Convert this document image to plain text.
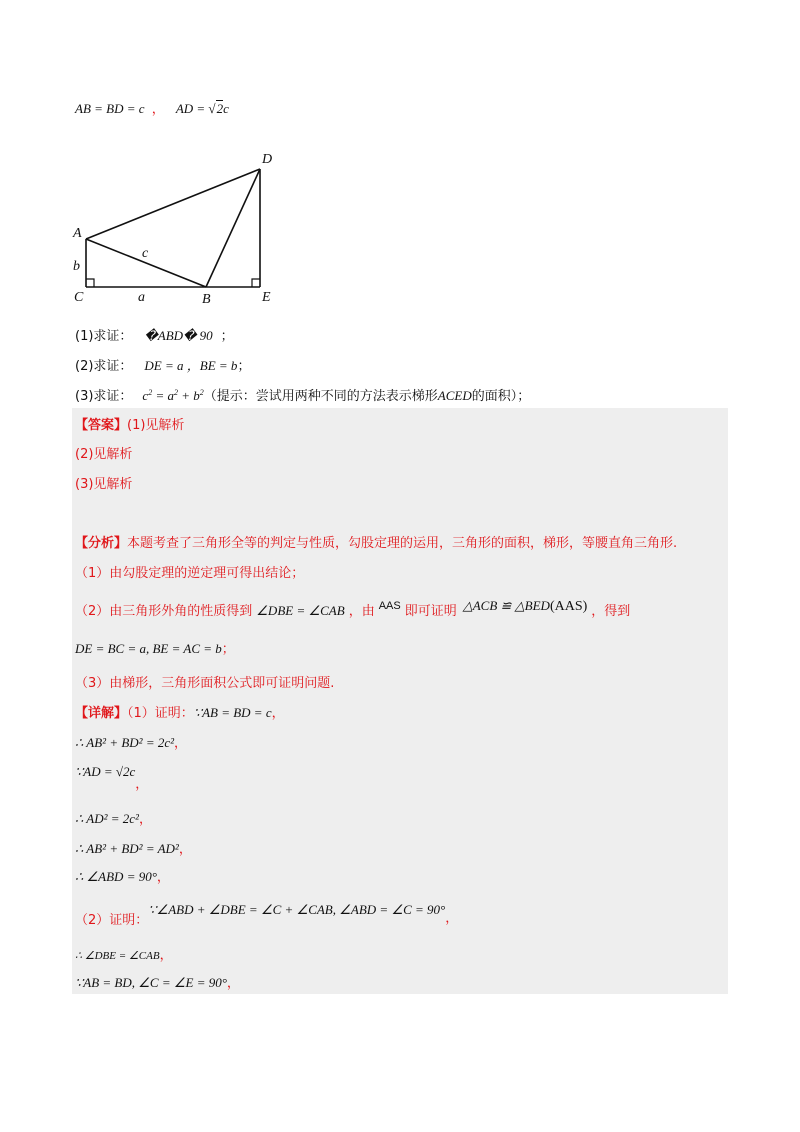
AB = BD = c ， AD = √2c
D
A
b
c
C	a	B	E
(1)求证： �ABD� 90 ；
(2)求证： DE = a ，BE = b；
(3)求证： $c^2 = a^2 + b^2$（提示：尝试用两种不同的方法表示梯形ACED的面积）；
【答案】(1)见解析
(2)见解析
(3)见解析
【分析】本题考查了三角形全等的判定与性质，勾股定理的运用，三角形的面积，梯形，等腰直角三角形.
（1）由勾股定理的逆定理可得出结论；
（2）由三角形外角的性质得到 ∠DBE = ∠CAB ，由 $^{AAS}$ 即可证明 △ACB ≌ △BED(AAS) ，得到
DE = BC = a, BE = AC = b；
（3）由梯形，三角形面积公式即可证明问题.
【详解】（1）证明：∵AB = BD = c，
∴ AB² + BD² = 2c²，
∵AD = √2c，
∴ AD² = 2c²，
∴ AB² + BD² = AD²，
∴ ∠ABD = 90°，
（2）证明：∵∠ABD + ∠DBE = ∠C + ∠CAB, ∠ABD = ∠C = 90°，
∴ ∠DBE = ∠CAB，
∵AB = BD, ∠C = ∠E = 90°，
